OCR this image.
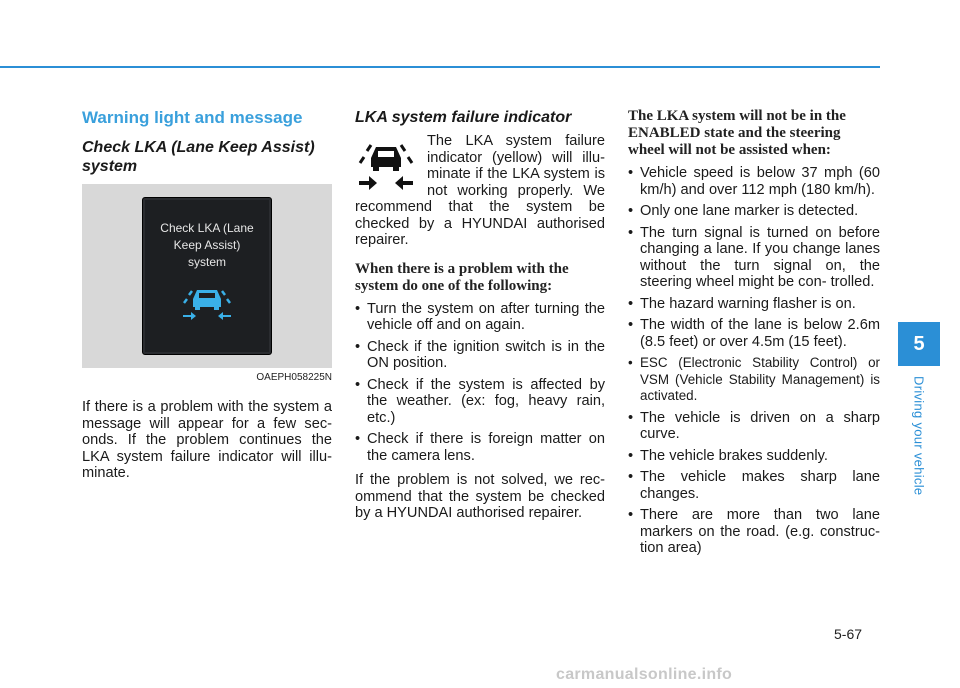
Warning light and message
Check LKA (Lane Keep Assist) system
Check LKA (Lane
Keep Assist)
system
OAEPH058225N

If there is a problem with the system a message will appear for a few sec- onds. If the problem continues the LKA system failure indicator will illu- minate.

LKA system failure indicator

The LKA system failure indicator (yellow) will illu- minate if the LKA system is not working properly. We recommend that the system be checked by a HYUNDAI authorised repairer.

When there is a problem with the system do one of the following:
• Turn the system on after turning the vehicle off and on again.
• Check if the ignition switch is in the ON position.
• Check if the system is affected by the weather. (ex: fog, heavy rain, etc.)
• Check if there is foreign matter on the camera lens.

If the problem is not solved, we rec- ommend that the system be checked by a HYUNDAI authorised repairer.

The LKA system will not be in the ENABLED state and the steering wheel will not be assisted when:
• Vehicle speed is below 37 mph (60 km/h) and over 112 mph (180 km/h).
• Only one lane marker is detected.
• The turn signal is turned on before changing a lane. If you change lanes without the turn signal on, the steering wheel might be con- trolled.
• The hazard warning flasher is on.
• The width of the lane is below 2.6m (8.5 feet) or over 4.5m (15 feet).
• ESC (Electronic Stability Control) or VSM (Vehicle Stability Management) is activated.
• The vehicle is driven on a sharp curve.
• The vehicle brakes suddenly.
• The vehicle makes sharp lane changes.
• There are more than two lane markers on the road. (e.g. construc- tion area)
5
Driving your vehicle
5-67
carmanualsonline.info
